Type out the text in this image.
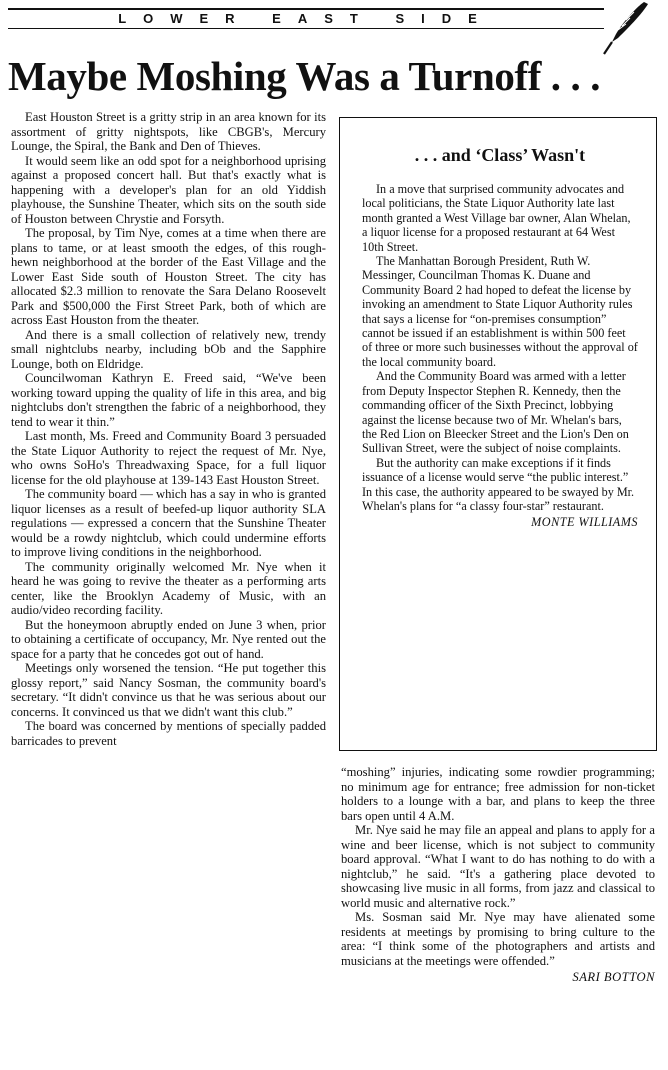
LOWER EAST SIDE
Maybe Moshing Was a Turnoff . . .

East Houston Street is a gritty strip in an area known for its assortment of gritty nightspots, like CBGB's, Mercury Lounge, the Spiral, the Bank and Den of Thieves.

It would seem like an odd spot for a neighborhood uprising against a proposed concert hall. But that's exactly what is happening with a developer's plan for an old Yiddish playhouse, the Sunshine Theater, which sits on the south side of Houston between Chrystie and Forsyth.

The proposal, by Tim Nye, comes at a time when there are plans to tame, or at least smooth the edges, of this rough-hewn neighborhood at the border of the East Village and the Lower East Side south of Houston Street. The city has allocated $2.3 million to renovate the Sara Delano Roosevelt Park and $500,000 the First Street Park, both of which are across East Houston from the theater.

And there is a small collection of relatively new, trendy small nightclubs nearby, including bOb and the Sapphire Lounge, both on Eldridge.

Councilwoman Kathryn E. Freed said, “We've been working toward upping the quality of life in this area, and big nightclubs don't strengthen the fabric of a neighborhood, they tend to wear it thin.”

Last month, Ms. Freed and Community Board 3 persuaded the State Liquor Authority to reject the request of Mr. Nye, who owns SoHo's Threadwaxing Space, for a full liquor license for the old playhouse at 139-143 East Houston Street.

The community board — which has a say in who is granted liquor licenses as a result of beefed-up liquor authority SLA regulations — expressed a concern that the Sunshine Theater would be a rowdy nightclub, which could undermine efforts to improve living conditions in the neighborhood.

The community originally welcomed Mr. Nye when it heard he was going to revive the theater as a performing arts center, like the Brooklyn Academy of Music, with an audio/video recording facility.

But the honeymoon abruptly ended on June 3 when, prior to obtaining a certificate of occupancy, Mr. Nye rented out the space for a party that he concedes got out of hand.

Meetings only worsened the tension. “He put together this glossy report,” said Nancy Sosman, the community board's secretary. “It didn't convince us that he was serious about our concerns. It convinced us that we didn't want this club.”

The board was concerned by mentions of specially padded barricades to prevent

. . . and ‘Class’ Wasn't

In a move that surprised community advocates and local politicians, the State Liquor Authority late last month granted a West Village bar owner, Alan Whelan, a liquor license for a proposed restaurant at 64 West 10th Street.

The Manhattan Borough President, Ruth W. Messinger, Councilman Thomas K. Duane and Community Board 2 had hoped to defeat the license by invoking an amendment to State Liquor Authority rules that says a license for “on-premises consumption” cannot be issued if an establishment is within 500 feet of three or more such businesses without the approval of the local community board.

And the Community Board was armed with a letter from Deputy Inspector Stephen R. Kennedy, then the commanding officer of the Sixth Precinct, lobbying against the license because two of Mr. Whelan's bars, the Red Lion on Bleecker Street and the Lion's Den on Sullivan Street, were the subject of noise complaints.

But the authority can make exceptions if it finds issuance of a license would serve “the public interest.” In this case, the authority appeared to be swayed by Mr. Whelan's plans for “a classy four-star” restaurant.

MONTE WILLIAMS

“moshing” injuries, indicating some rowdier programming; no minimum age for entrance; free admission for non-ticket holders to a lounge with a bar, and plans to keep the three bars open until 4 A.M.

Mr. Nye said he may file an appeal and plans to apply for a wine and beer license, which is not subject to community board approval. “What I want to do has nothing to do with a nightclub,” he said. “It's a gathering place devoted to showcasing live music in all forms, from jazz and classical to world music and alternative rock.”

Ms. Sosman said Mr. Nye may have alienated some residents at meetings by promising to bring culture to the area: “I think some of the photographers and artists and musicians at the meetings were offended.”

SARI BOTTON
